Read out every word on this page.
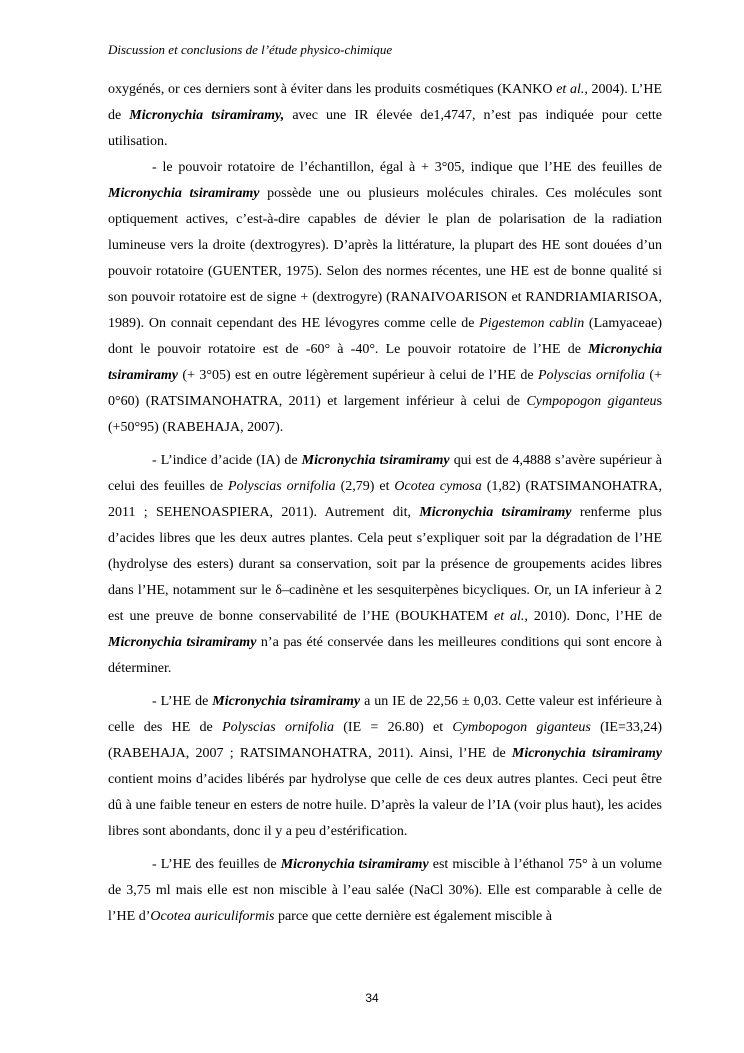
Discussion et conclusions de l’étude physico-chimique

oxygénés, or ces derniers sont à éviter dans les produits cosmétiques (KANKO et al., 2004). L’HE de Micronychia tsiramiramy, avec une IR élevée de1,4747, n’est pas indiquée pour cette utilisation.

- le pouvoir rotatoire de l’échantillon, égal à + 3°05, indique que l’HE des feuilles de Micronychia tsiramiramy possède une ou plusieurs molécules chirales. Ces molécules sont optiquement actives, c’est-à-dire capables de dévier le plan de polarisation de la radiation lumineuse vers la droite (dextrogyres). D’après la littérature, la plupart des HE sont douées d’un pouvoir rotatoire (GUENTER, 1975). Selon des normes récentes, une HE est de bonne qualité si son pouvoir rotatoire est de signe + (dextrogyre) (RANAIVOARISON et RANDRIAMIARISOA, 1989). On connait cependant des HE lévogyres comme celle de Pigestemon cablin (Lamyaceae) dont le pouvoir rotatoire est de -60° à -40°. Le pouvoir rotatoire de l’HE de Micronychia tsiramiramy (+ 3°05) est en outre légèrement supérieur à celui de l’HE de Polyscias ornifolia (+ 0°60) (RATSIMANOHATRA, 2011) et largement inférieur à celui de Cympopogon giganteus (+50°95) (RABEHAJA, 2007).

- L’indice d’acide (IA) de Micronychia tsiramiramy qui est de 4,4888 s’avère supérieur à celui des feuilles de Polyscias ornifolia (2,79) et Ocotea cymosa (1,82) (RATSIMANOHATRA, 2011 ; SEHENOASPIERA, 2011). Autrement dit, Micronychia tsiramiramy renferme plus d’acides libres que les deux autres plantes. Cela peut s’expliquer soit par la dégradation de l’HE (hydrolyse des esters) durant sa conservation, soit par la présence de groupements acides libres dans l’HE, notamment sur le δ–cadinène et les sesquiterpènes bicycliques. Or, un IA inferieur à 2 est une preuve de bonne conservabilité de l’HE (BOUKHATEM et al., 2010). Donc, l’HE de Micronychia tsiramiramy n’a pas été conservée dans les meilleures conditions qui sont encore à déterminer.

- L’HE de Micronychia tsiramiramy a un IE de 22,56 ± 0,03. Cette valeur est inférieure à celle des HE de Polyscias ornifolia (IE = 26.80) et Cymbopogon giganteus (IE=33,24) (RABEHAJA, 2007 ; RATSIMANOHATRA, 2011). Ainsi, l’HE de Micronychia tsiramiramy contient moins d’acides libérés par hydrolyse que celle de ces deux autres plantes. Ceci peut être dû à une faible teneur en esters de notre huile. D’après la valeur de l’IA (voir plus haut), les acides libres sont abondants, donc il y a peu d’estérification.

- L’HE des feuilles de Micronychia tsiramiramy est miscible à l’éthanol 75° à un volume de 3,75 ml mais elle est non miscible à l’eau salée (NaCl 30%). Elle est comparable à celle de l’HE d’Ocotea auriculiformis parce que cette dernière est également miscible à

34
